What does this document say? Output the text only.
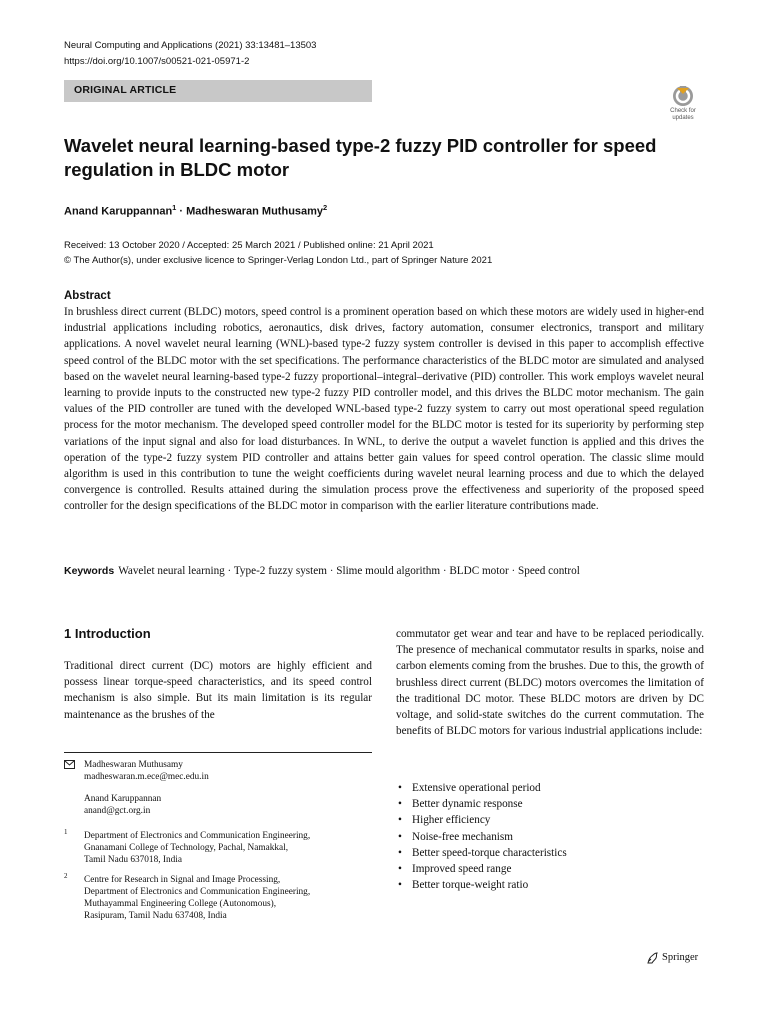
Neural Computing and Applications (2021) 33:13481–13503
https://doi.org/10.1007/s00521-021-05971-2
ORIGINAL ARTICLE
Check for updates
Wavelet neural learning-based type-2 fuzzy PID controller for speed regulation in BLDC motor
Anand Karuppannan$^1$ · Madheswaran Muthusamy$^2$
Received: 13 October 2020 / Accepted: 25 March 2021 / Published online: 21 April 2021
© The Author(s), under exclusive licence to Springer-Verlag London Ltd., part of Springer Nature 2021
Abstract
In brushless direct current (BLDC) motors, speed control is a prominent operation based on which these motors are widely used in higher-end industrial applications including robotics, aeronautics, disk drives, factory automation, consumer electronics, transport and military applications. A novel wavelet neural learning (WNL)-based type-2 fuzzy system controller is devised in this paper to accomplish effective speed control of the BLDC motor with the set specifications. The performance characteristics of the BLDC motor are simulated and analysed based on the wavelet neural learning-based type-2 fuzzy proportional–integral–derivative (PID) controller. This work employs wavelet neural learning to provide inputs to the constructed new type-2 fuzzy PID controller model, and this drives the BLDC motor mechanism. The gain values of the PID controller are tuned with the developed WNL-based type-2 fuzzy system to carry out most operational speed regulation process for the motor mechanism. The developed speed controller model for the BLDC motor is tested for its superiority by performing step variations of the input signal and also for load disturbances. In WNL, to derive the output a wavelet function is applied and this drives the operation of the type-2 fuzzy system PID controller and attains better gain values for speed control operation. The classic slime mould algorithm is used in this contribution to tune the weight coefficients during wavelet neural learning process and due to which the delayed convergence is controlled. Results attained during the simulation process prove the effectiveness and superiority of the proposed speed controller for the design specifications of the BLDC motor in comparison with the earlier literature contributions made.
Keywords Wavelet neural learning · Type-2 fuzzy system · Slime mould algorithm · BLDC motor · Speed control
1 Introduction
Traditional direct current (DC) motors are highly efficient and possess linear torque-speed characteristics, and its speed control mechanism is also simple. But its main limitation is its regular maintenance as the brushes of the
Madheswaran Muthusamy
madheswaran.m.ece@mec.edu.in
Anand Karuppannan
anand@gct.org.in
1 Department of Electronics and Communication Engineering,
Gnanamani College of Technology, Pachal, Namakkal,
Tamil Nadu 637018, India
2 Centre for Research in Signal and Image Processing,
Department of Electronics and Communication Engineering,
Muthayammal Engineering College (Autonomous),
Rasipuram, Tamil Nadu 637408, India
commutator get wear and tear and have to be replaced periodically. The presence of mechanical commutator results in sparks, noise and carbon elements coming from the brushes. Due to this, the growth of brushless direct current (BLDC) motors overcomes the limitation of the traditional DC motor. These BLDC motors are driven by DC voltage, and solid-state switches do the current commutation. The benefits of BLDC motors for various industrial applications include:
• Extensive operational period
• Better dynamic response
• Higher efficiency
• Noise-free mechanism
• Better speed-torque characteristics
• Improved speed range
• Better torque-weight ratio
Springer
